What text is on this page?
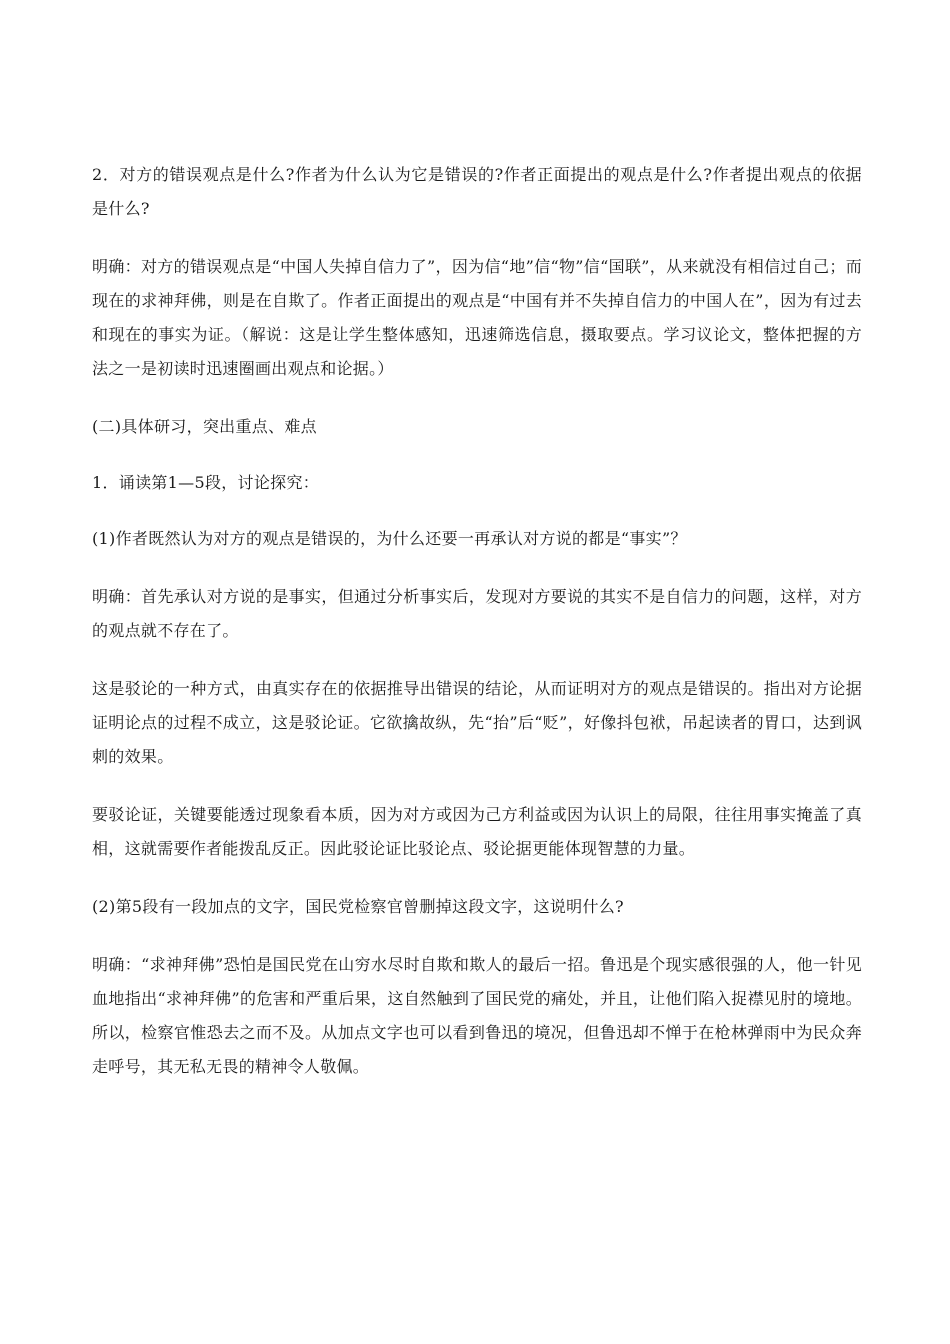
2．对方的错误观点是什么?作者为什么认为它是错误的?作者正面提出的观点是什么?作者提出观点的依据是什么?

明确：对方的错误观点是“中国人失掉自信力了”，因为信“地”信“物”信“国联”，从来就没有相信过自己；而现在的求神拜佛，则是在自欺了。作者正面提出的观点是“中国有并不失掉自信力的中国人在”，因为有过去和现在的事实为证。（解说：这是让学生整体感知，迅速筛选信息，摄取要点。学习议论文，整体把握的方法之一是初读时迅速圈画出观点和论据。）

(二)具体研习，突出重点、难点

1．诵读第1—5段，讨论探究：

(1)作者既然认为对方的观点是错误的，为什么还要一再承认对方说的都是“事实”？

明确：首先承认对方说的是事实，但通过分析事实后，发现对方要说的其实不是自信力的问题，这样，对方的观点就不存在了。

这是驳论的一种方式，由真实存在的依据推导出错误的结论，从而证明对方的观点是错误的。指出对方论据证明论点的过程不成立，这是驳论证。它欲擒故纵，先“抬”后“贬”，好像抖包袱，吊起读者的胃口，达到讽刺的效果。

要驳论证，关键要能透过现象看本质，因为对方或因为己方利益或因为认识上的局限，往往用事实掩盖了真相，这就需要作者能拨乱反正。因此驳论证比驳论点、驳论据更能体现智慧的力量。

(2)第5段有一段加点的文字，国民党检察官曾删掉这段文字，这说明什么?

明确：“求神拜佛”恐怕是国民党在山穷水尽时自欺和欺人的最后一招。鲁迅是个现实感很强的人，他一针见血地指出“求神拜佛”的危害和严重后果，这自然触到了国民党的痛处，并且，让他们陷入捉襟见肘的境地。所以，检察官惟恐去之而不及。从加点文字也可以看到鲁迅的境况，但鲁迅却不惮于在枪林弹雨中为民众奔走呼号，其无私无畏的精神令人敬佩。
